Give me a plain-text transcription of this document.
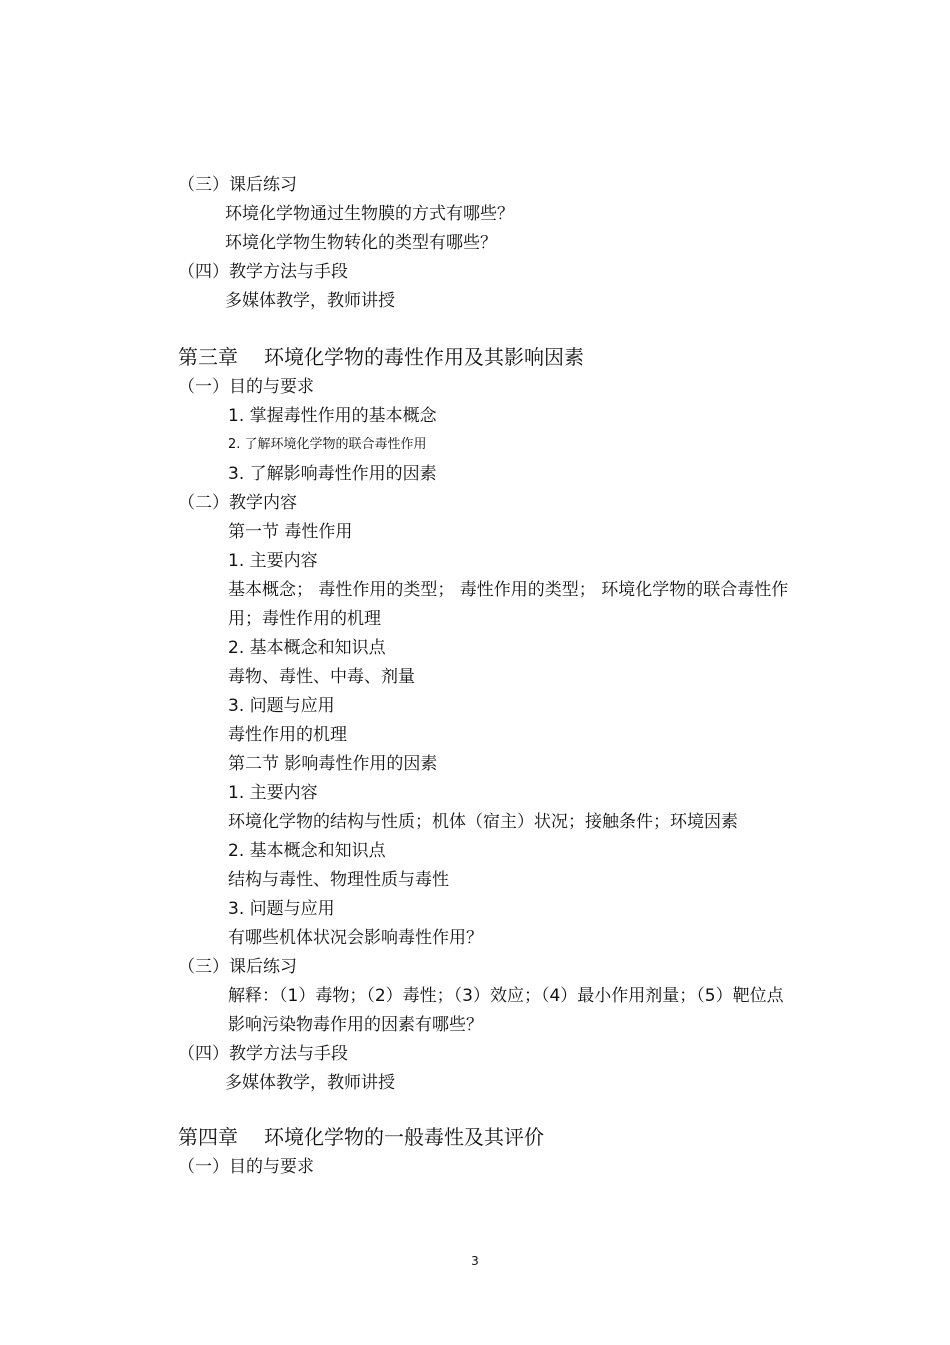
（三）课后练习
环境化学物通过生物膜的方式有哪些？
环境化学物生物转化的类型有哪些？
（四）教学方法与手段
多媒体教学，教师讲授
第三章 环境化学物的毒性作用及其影响因素
（一）目的与要求
1. 掌握毒性作用的基本概念
2. 了解环境化学物的联合毒性作用
3. 了解影响毒性作用的因素
（二）教学内容
第一节 毒性作用
1. 主要内容
基本概念； 毒性作用的类型； 毒性作用的类型； 环境化学物的联合毒性作
用；毒性作用的机理
2. 基本概念和知识点
毒物、毒性、中毒、剂量
3. 问题与应用
毒性作用的机理
第二节 影响毒性作用的因素
1. 主要内容
环境化学物的结构与性质；机体（宿主）状况；接触条件；环境因素
2. 基本概念和知识点
结构与毒性、物理性质与毒性
3. 问题与应用
有哪些机体状况会影响毒性作用？
（三）课后练习
解释：（1）毒物；（2）毒性；（3）效应；（4）最小作用剂量；（5）靶位点
影响污染物毒作用的因素有哪些？
（四）教学方法与手段
多媒体教学，教师讲授
第四章 环境化学物的一般毒性及其评价
（一）目的与要求
3
